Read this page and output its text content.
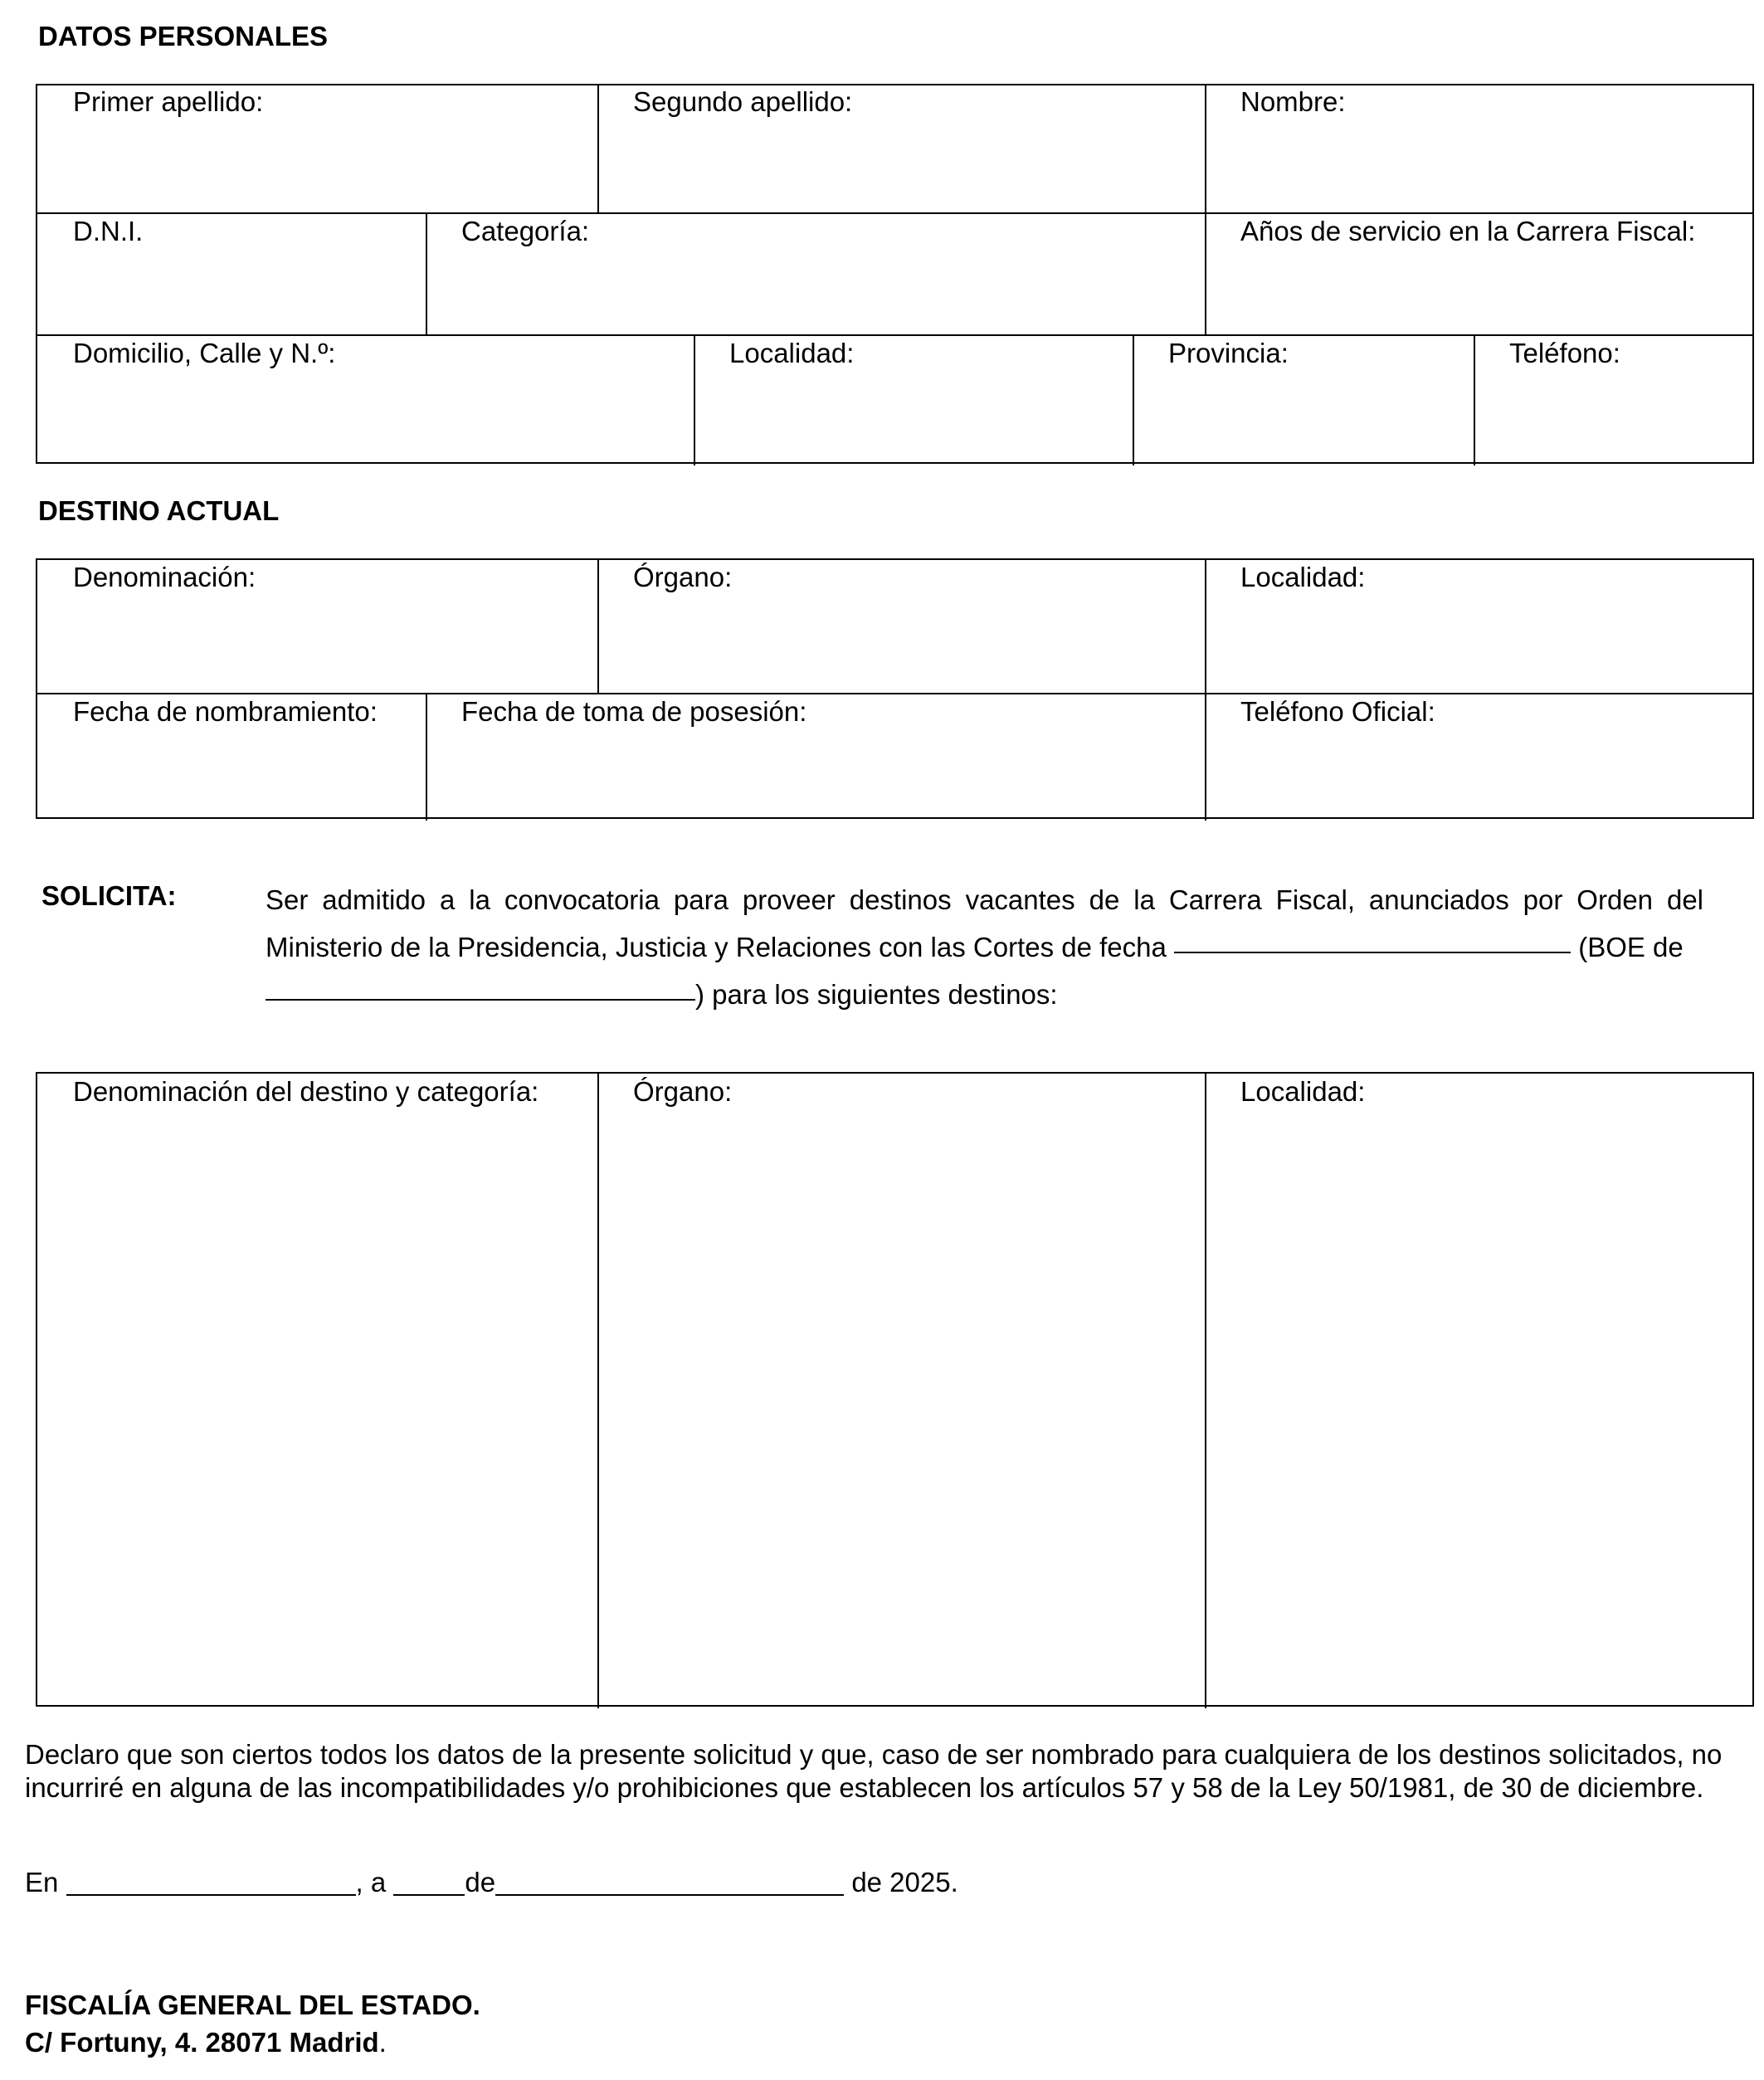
DATOS PERSONALES
Primer apellido:	Segundo apellido:	Nombre:
D.N.I.	Categoría:	Años de servicio en la Carrera Fiscal:
Domicilio, Calle y N.º:	Localidad:	Provincia:	Teléfono:
DESTINO ACTUAL
Denominación:	Órgano:	Localidad:
Fecha de nombramiento:	Fecha de toma de posesión:	Teléfono Oficial:
SOLICITA:	Ser admitido a la convocatoria para proveer destinos vacantes de la Carrera Fiscal, anunciados por Orden del Ministerio de la Presidencia, Justicia y Relaciones con las Cortes de fecha	(BOE de
) para los siguientes destinos:
Denominación del destino y categoría:	Órgano:	Localidad:
Declaro que son ciertos todos los datos de la presente solicitud y que, caso de ser nombrado para cualquiera de los destinos solicitados, no incurriré en alguna de las incompatibilidades y/o prohibiciones que establecen los artículos 57 y 58 de la Ley 50/1981, de 30 de diciembre.
En	, a	de	de 2025.
FISCALÍA GENERAL DEL ESTADO.
C/ Fortuny, 4. 28071 Madrid.
